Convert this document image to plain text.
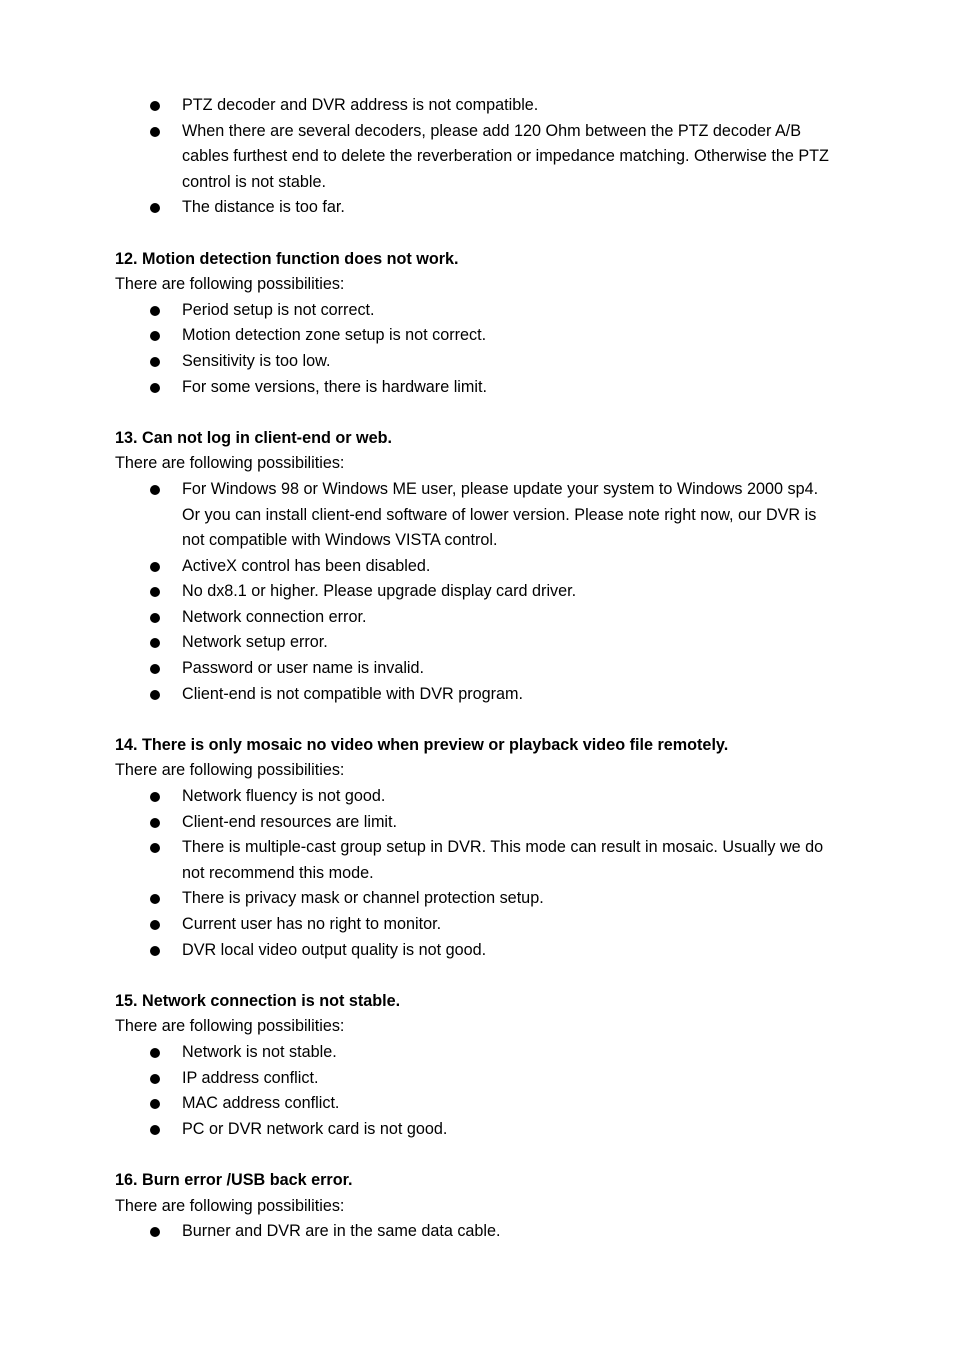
PTZ decoder and DVR address is not compatible.
When there are several decoders, please add 120 Ohm between the PTZ decoder A/B cables furthest end to delete the reverberation or impedance matching. Otherwise the PTZ control is not stable.
The distance is too far.

12. Motion detection function does not work.

There are following possibilities:

Period setup is not correct.
Motion detection zone setup is not correct.
Sensitivity is too low.
For some versions, there is hardware limit.

13. Can not log in client-end or web.

There are following possibilities:

For Windows 98 or Windows ME user, please update your system to Windows 2000 sp4. Or you can install client-end software of lower version. Please note right now, our DVR is not compatible with Windows VISTA control.
ActiveX control has been disabled.
No dx8.1 or higher. Please upgrade display card driver.
Network connection error.
Network setup error.
Password or user name is invalid.
Client-end is not compatible with DVR program.

14. There is only mosaic no video when preview or playback video file remotely.

There are following possibilities:

Network fluency is not good.
Client-end resources are limit.
There is multiple-cast group setup in DVR. This mode can result in mosaic. Usually we do not recommend this mode.
There is privacy mask or channel protection setup.
Current user has no right to monitor.
DVR local video output quality is not good.

15. Network connection is not stable.

There are following possibilities:

Network is not stable.
IP address conflict.
MAC address conflict.
PC or DVR network card is not good.

16. Burn error /USB back error.

There are following possibilities:

Burner and DVR are in the same data cable.
